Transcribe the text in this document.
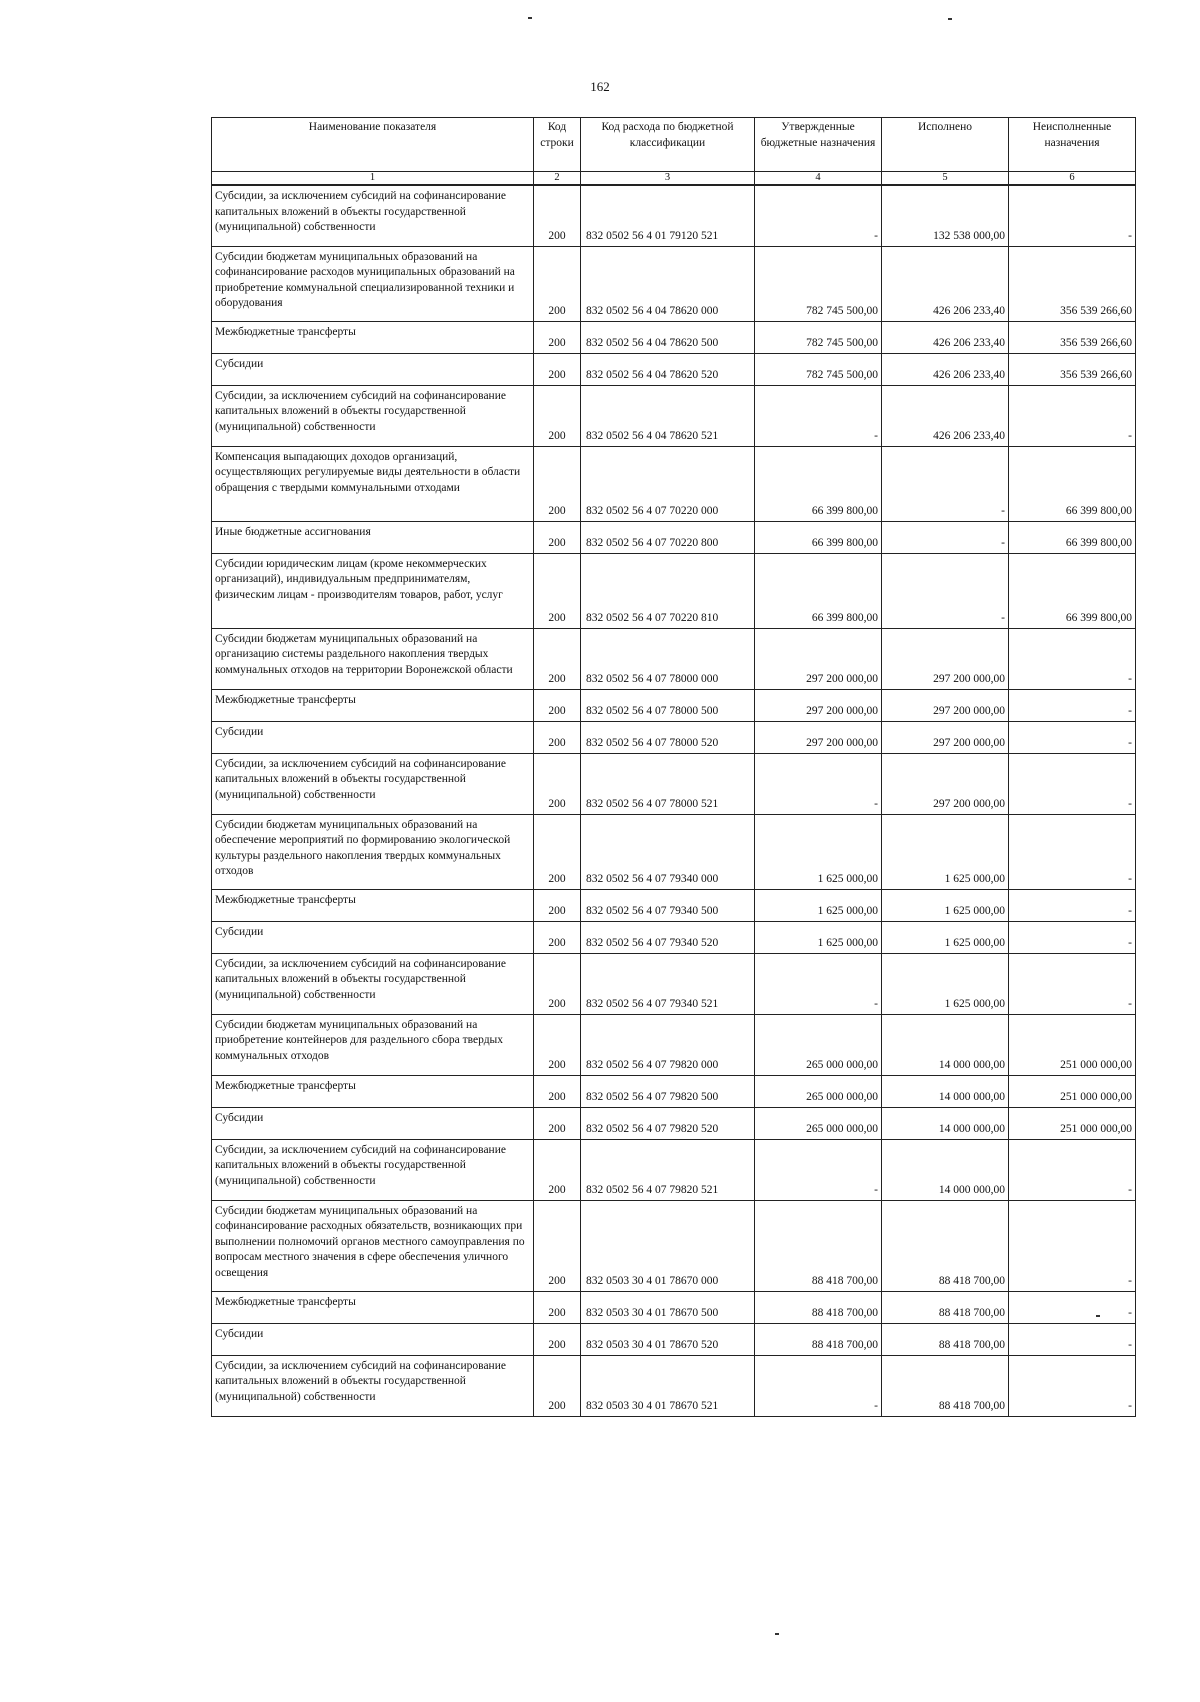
162
Наименование показателя	Код строки	Код расхода по бюджетной классификации	Утвержденные бюджетные назначения	Исполнено	Неисполненные назначения
1	2	3	4	5	6
Субсидии, за исключением субсидий на софинансирование капитальных вложений в объекты государственной (муниципальной) собственности	200	832 0502 56 4 01 79120 521	-	132 538 000,00	-
Субсидии бюджетам муниципальных образований на софинансирование расходов муниципальных образований на приобретение коммунальной специализированной техники и оборудования	200	832 0502 56 4 04 78620 000	782 745 500,00	426 206 233,40	356 539 266,60
Межбюджетные трансферты	200	832 0502 56 4 04 78620 500	782 745 500,00	426 206 233,40	356 539 266,60
Субсидии	200	832 0502 56 4 04 78620 520	782 745 500,00	426 206 233,40	356 539 266,60
Субсидии, за исключением субсидий на софинансирование капитальных вложений в объекты государственной (муниципальной) собственности	200	832 0502 56 4 04 78620 521	-	426 206 233,40	-
Компенсация выпадающих доходов организаций, осуществляющих регулируемые виды деятельности в области обращения с твердыми коммунальными отходами	200	832 0502 56 4 07 70220 000	66 399 800,00	-	66 399 800,00
Иные бюджетные ассигнования	200	832 0502 56 4 07 70220 800	66 399 800,00	-	66 399 800,00
Субсидии юридическим лицам (кроме некоммерческих организаций), индивидуальным предпринимателям, физическим лицам - производителям товаров, работ, услуг	200	832 0502 56 4 07 70220 810	66 399 800,00	-	66 399 800,00
Субсидии бюджетам муниципальных образований на организацию системы раздельного накопления твердых коммунальных отходов на территории Воронежской области	200	832 0502 56 4 07 78000 000	297 200 000,00	297 200 000,00	-
Межбюджетные трансферты	200	832 0502 56 4 07 78000 500	297 200 000,00	297 200 000,00	-
Субсидии	200	832 0502 56 4 07 78000 520	297 200 000,00	297 200 000,00	-
Субсидии, за исключением субсидий на софинансирование капитальных вложений в объекты государственной (муниципальной) собственности	200	832 0502 56 4 07 78000 521	-	297 200 000,00	-
Субсидии бюджетам муниципальных образований на обеспечение мероприятий по формированию экологической культуры раздельного накопления твердых коммунальных отходов	200	832 0502 56 4 07 79340 000	1 625 000,00	1 625 000,00	-
Межбюджетные трансферты	200	832 0502 56 4 07 79340 500	1 625 000,00	1 625 000,00	-
Субсидии	200	832 0502 56 4 07 79340 520	1 625 000,00	1 625 000,00	-
Субсидии, за исключением субсидий на софинансирование капитальных вложений в объекты государственной (муниципальной) собственности	200	832 0502 56 4 07 79340 521	-	1 625 000,00	-
Субсидии бюджетам муниципальных образований на приобретение контейнеров для раздельного сбора твердых коммунальных отходов	200	832 0502 56 4 07 79820 000	265 000 000,00	14 000 000,00	251 000 000,00
Межбюджетные трансферты	200	832 0502 56 4 07 79820 500	265 000 000,00	14 000 000,00	251 000 000,00
Субсидии	200	832 0502 56 4 07 79820 520	265 000 000,00	14 000 000,00	251 000 000,00
Субсидии, за исключением субсидий на софинансирование капитальных вложений в объекты государственной (муниципальной) собственности	200	832 0502 56 4 07 79820 521	-	14 000 000,00	-
Субсидии бюджетам муниципальных образований на софинансирование расходных обязательств, возникающих при выполнении полномочий органов местного самоуправления по вопросам местного значения в сфере обеспечения уличного освещения	200	832 0503 30 4 01 78670 000	88 418 700,00	88 418 700,00	-
Межбюджетные трансферты	200	832 0503 30 4 01 78670 500	88 418 700,00	88 418 700,00	-
Субсидии	200	832 0503 30 4 01 78670 520	88 418 700,00	88 418 700,00	-
Субсидии, за исключением субсидий на софинансирование капитальных вложений в объекты государственной (муниципальной) собственности	200	832 0503 30 4 01 78670 521	-	88 418 700,00	-
